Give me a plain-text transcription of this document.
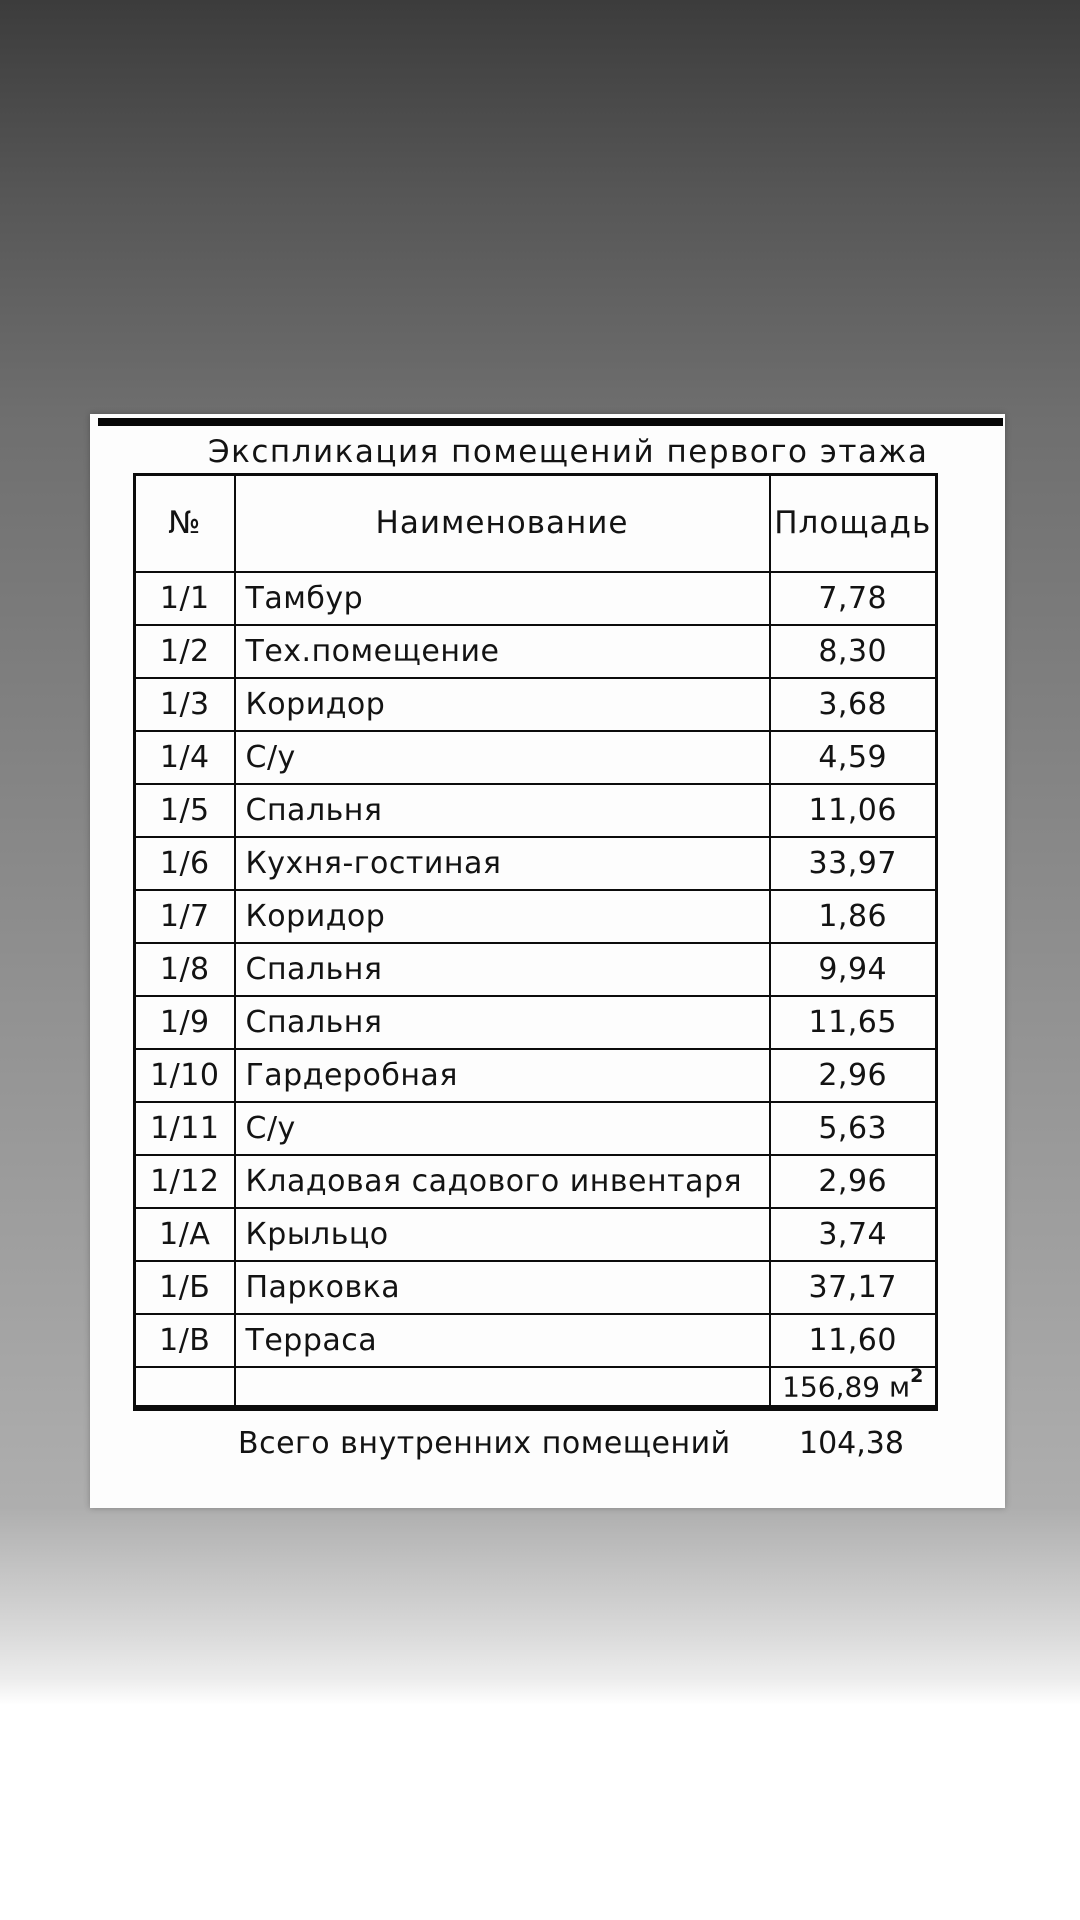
Экспликация помещений первого этажа
№	Наименование	Площадь
1/1	Тамбур	7,78
1/2	Тех.помещение	8,30
1/3	Коридор	3,68
1/4	С/у	4,59
1/5	Спальня	11,06
1/6	Кухня-гостиная	33,97
1/7	Коридор	1,86
1/8	Спальня	9,94
1/9	Спальня	11,65
1/10	Гардеробная	2,96
1/11	С/у	5,63
1/12	Кладовая садового инвентаря	2,96
1/А	Крыльцо	3,74
1/Б	Парковка	37,17
1/В	Терраса	11,60
		156,89 м2
Всего внутренних помещений	104,38
